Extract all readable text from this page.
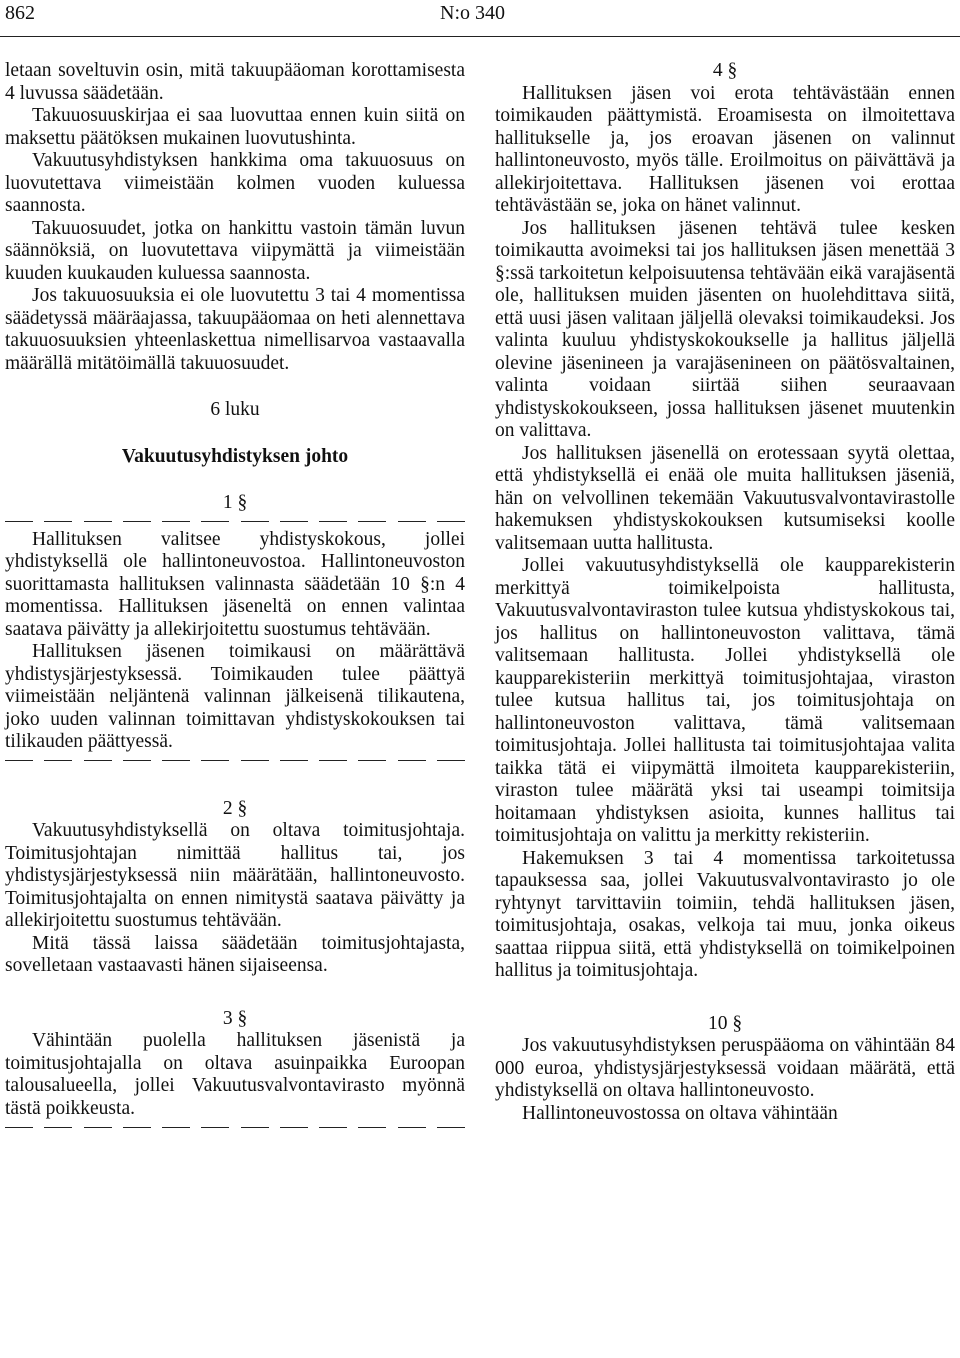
862	N:o 340

letaan soveltuvin osin, mitä takuupääoman korottamisesta 4 luvussa säädetään.

Takuuosuuskirjaa ei saa luovuttaa ennen kuin siitä on maksettu päätöksen mukainen luovutushinta.

Vakuutusyhdistyksen hankkima oma takuuosuus on luovutettava viimeistään kolmen vuoden kuluessa saannosta.

Takuuosuudet, jotka on hankittu vastoin tämän luvun säännöksiä, on luovutettava viipymättä ja viimeistään kuuden kuukauden kuluessa saannosta.

Jos takuuosuuksia ei ole luovutettu 3 tai 4 momentissa säädetyssä määräajassa, takuupääomaa on heti alennettava takuuosuuksien yhteenlaskettua nimellisarvoa vastaavalla määrällä mitätöimällä takuuosuudet.

6 luku
Vakuutusyhdistyksen johto

1 §

Hallituksen valitsee yhdistyskokous, jollei yhdistyksellä ole hallintoneuvostoa. Hallintoneuvoston suorittamasta hallituksen valinnasta säädetään 10 §:n 4 momentissa. Hallituksen jäseneltä on ennen valintaa saatava päivätty ja allekirjoitettu suostumus tehtävään.

Hallituksen jäsenen toimikausi on määrättävä yhdistysjärjestyksessä. Toimikauden tulee päättyä viimeistään neljäntenä valinnan jälkeisenä tilikautena, joko uuden valinnan toimittavan yhdistyskokouksen tai tilikauden päättyessä.

2 §

Vakuutusyhdistyksellä on oltava toimitusjohtaja. Toimitusjohtajan nimittää hallitus tai, jos yhdistysjärjestyksessä niin määrätään, hallintoneuvosto. Toimitusjohtajalta on ennen nimitystä saatava päivätty ja allekirjoitettu suostumus tehtävään.

Mitä tässä laissa säädetään toimitusjohtajasta, sovelletaan vastaavasti hänen sijaiseensa.

3 §

Vähintään puolella hallituksen jäsenistä ja toimitusjohtajalla on oltava asuinpaikka Euroopan talousalueella, jollei Vakuutusvalvontavirasto myönnä tästä poikkeusta.

4 §

Hallituksen jäsen voi erota tehtävästään ennen toimikauden päättymistä. Eroamisesta on ilmoitettava hallitukselle ja, jos eroavan jäsenen on valinnut hallintoneuvosto, myös tälle. Eroilmoitus on päivättävä ja allekirjoitettava. Hallituksen jäsenen voi erottaa tehtävästään se, joka on hänet valinnut.

Jos hallituksen jäsenen tehtävä tulee kesken toimikautta avoimeksi tai jos hallituksen jäsen menettää 3 §:ssä tarkoitetun kelpoisuutensa tehtävään eikä varajäsentä ole, hallituksen muiden jäsenten on huolehdittava siitä, että uusi jäsen valitaan jäljellä olevaksi toimikaudeksi. Jos valinta kuuluu yhdistyskokoukselle ja hallitus jäljellä olevine jäsenineen ja varajäsenineen on päätösvaltainen, valinta voidaan siirtää siihen seuraavaan yhdistyskokoukseen, jossa hallituksen jäsenet muutenkin on valittava.

Jos hallituksen jäsenellä on erotessaan syytä olettaa, että yhdistyksellä ei enää ole muita hallituksen jäseniä, hän on velvollinen tekemään Vakuutusvalvontavirastolle hakemuksen yhdistyskokouksen kutsumiseksi koolle valitsemaan uutta hallitusta.

Jollei vakuutusyhdistyksellä ole kaupparekisterin merkittyä toimikelpoista hallitusta, Vakuutusvalvontaviraston tulee kutsua yhdistyskokous tai, jos hallitus on hallintoneuvoston valittava, tämä valitsemaan hallitusta. Jollei yhdistyksellä ole kaupparekisteriin merkittyä toimitusjohtajaa, viraston tulee kutsua hallitus tai, jos toimitusjohtaja on hallintoneuvoston valittava, tämä valitsemaan toimitusjohtaja. Jollei hallitusta tai toimitusjohtajaa valita taikka tätä ei viipymättä ilmoiteta kaupparekisteriin, viraston tulee määrätä yksi tai useampi toimitsija hoitamaan yhdistyksen asioita, kunnes hallitus tai toimitusjohtaja on valittu ja merkitty rekisteriin.

Hakemuksen 3 tai 4 momentissa tarkoitetussa tapauksessa saa, jollei Vakuutusvalvontavirasto jo ole ryhtynyt tarvittaviin toimiin, tehdä hallituksen jäsen, toimitusjohtaja, osakas, velkoja tai muu, jonka oikeus saattaa riippua siitä, että yhdistyksellä on toimikelpoinen hallitus ja toimitusjohtaja.

10 §

Jos vakuutusyhdistyksen peruspääoma on vähintään 84 000 euroa, yhdistysjärjestyksessä voidaan määrätä, että yhdistyksellä on oltava hallintoneuvosto.

Hallintoneuvostossa on oltava vähintään
